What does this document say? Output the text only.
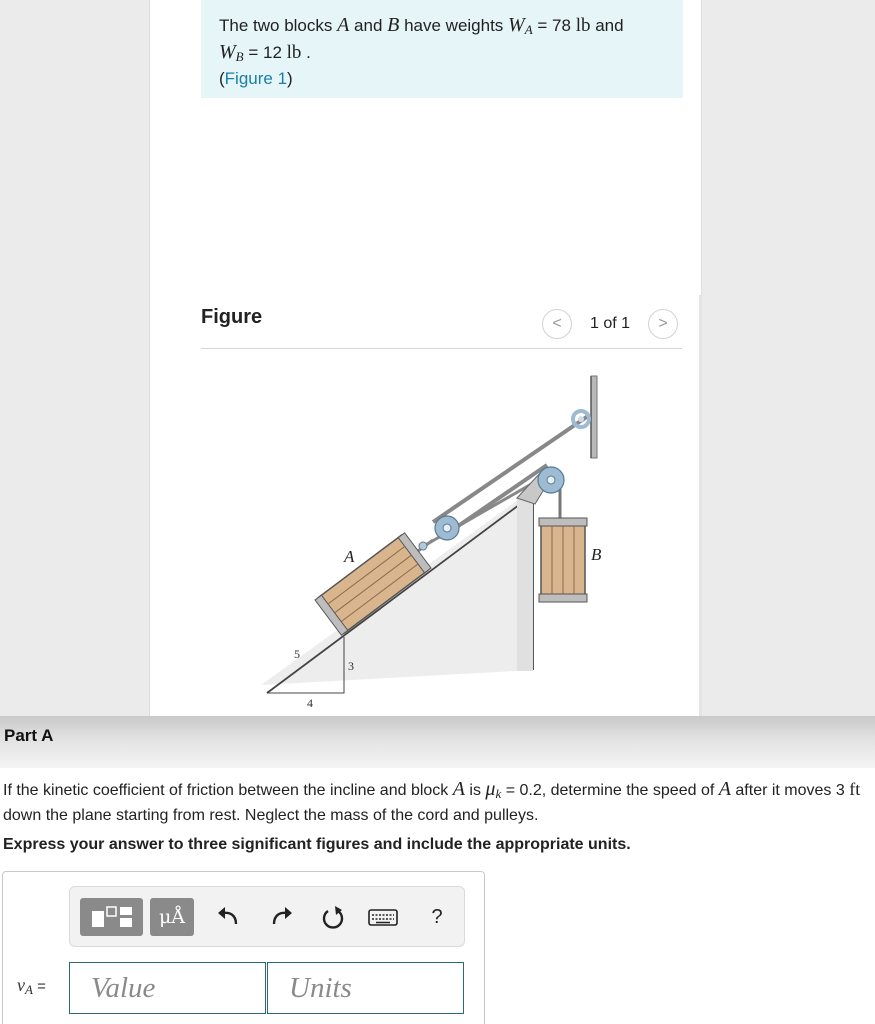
The two blocks A and B have weights $W_A = 78$ lb and
$W_B = 12$ lb .
(Figure 1)
Figure	<	1 of 1	>
5
3
4
A	B
Part A
If the kinetic coefficient of friction between the incline and block A is $\mu_k = 0.2$, determine the speed of A after it moves 3 ft down the plane starting from rest. Neglect the mass of the cord and pulleys.
Express your answer to three significant figures and include the appropriate units.
μÅ	?
vA =
Value
Units
